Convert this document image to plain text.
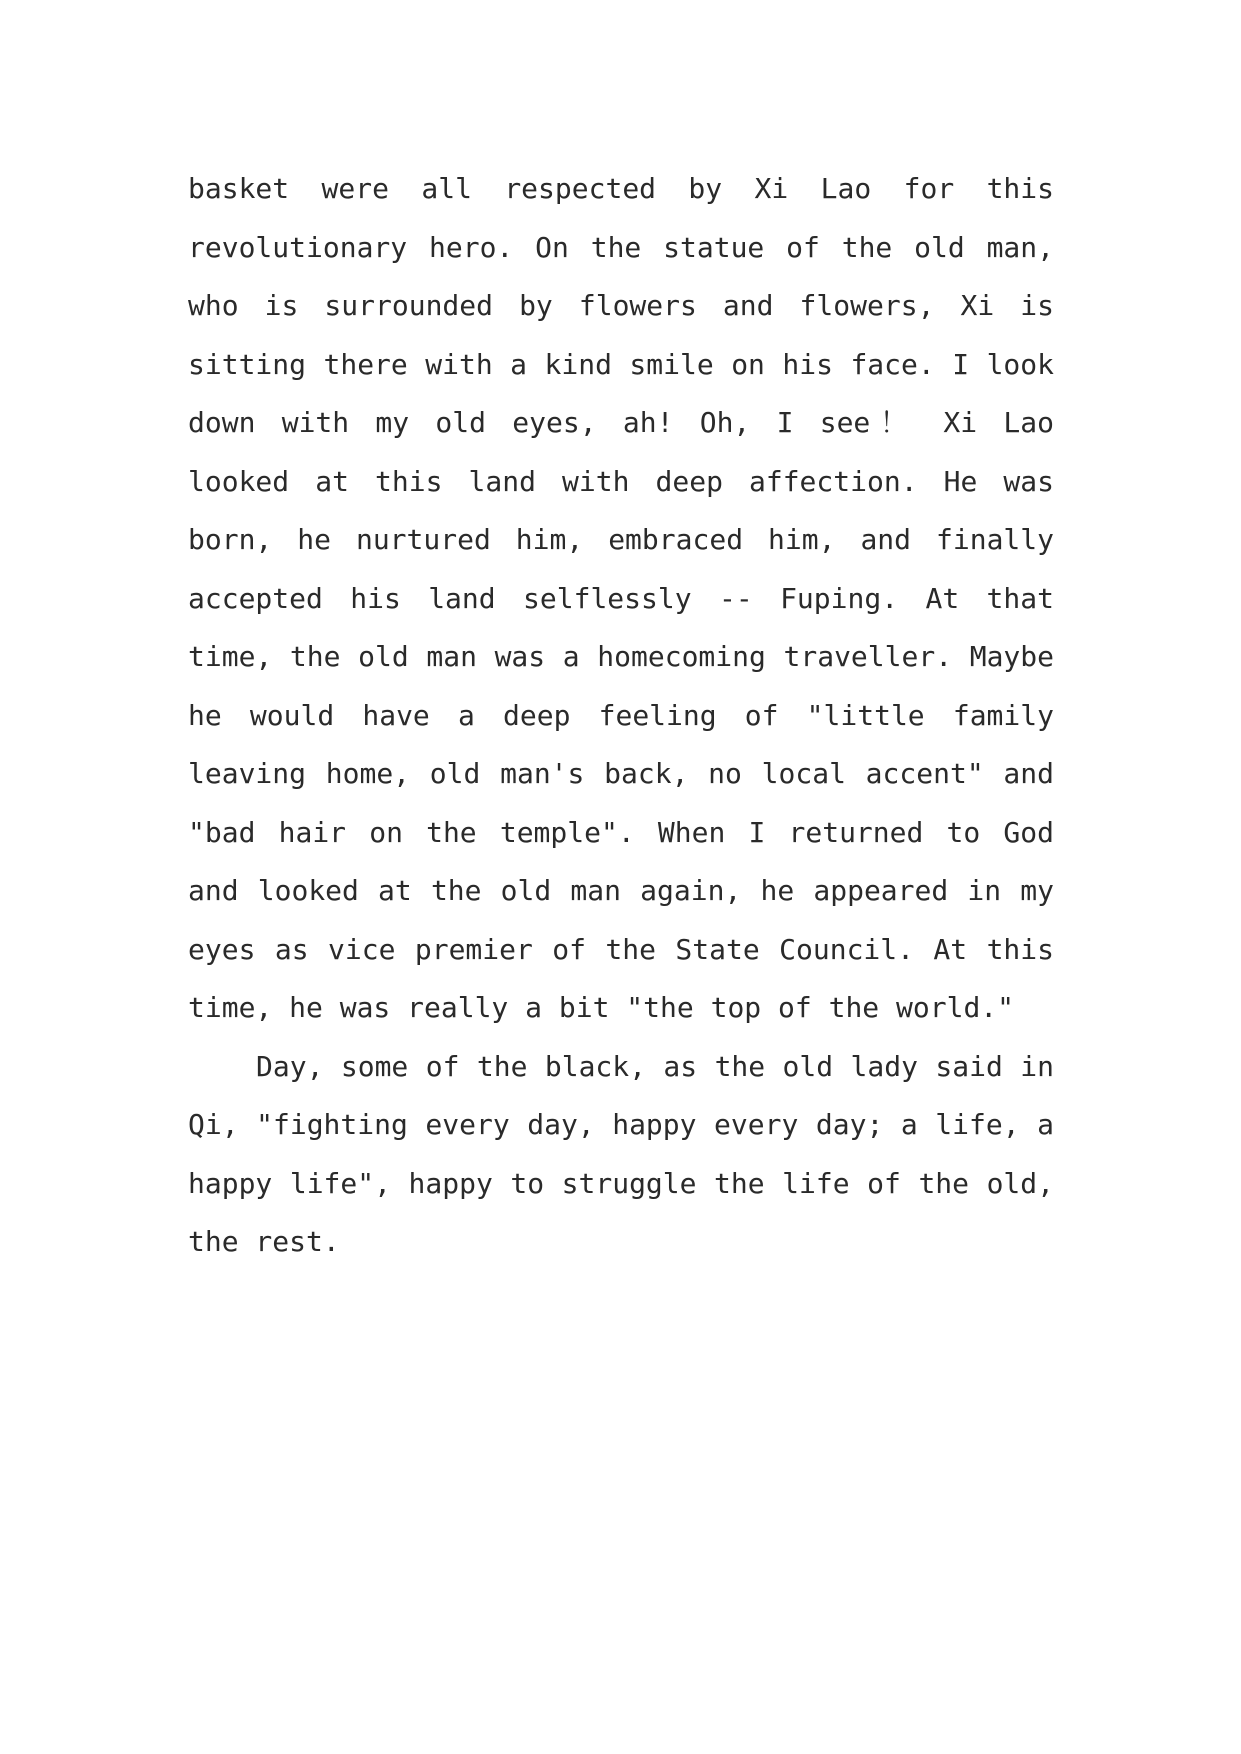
basket were all respected by Xi Lao for this
revolutionary hero. On the statue of the old man,
who is surrounded by flowers and flowers, Xi is
sitting there with a kind smile on his face. I look
down with my old eyes, ah! Oh, I see！ Xi Lao
looked at this land with deep affection. He was
born, he nurtured him, embraced him, and finally
accepted his land selflessly -- Fuping. At that
time, the old man was a homecoming traveller. Maybe
he would have a deep feeling of "little family
leaving home, old man's back, no local accent" and
"bad hair on the temple". When I returned to God
and looked at the old man again, he appeared in my
eyes as vice premier of the State Council. At this
time, he was really a bit "the top of the world."
Day, some of the black, as the old lady said in
Qi, "fighting every day, happy every day; a life, a
happy life", happy to struggle the life of the old,
the rest.
